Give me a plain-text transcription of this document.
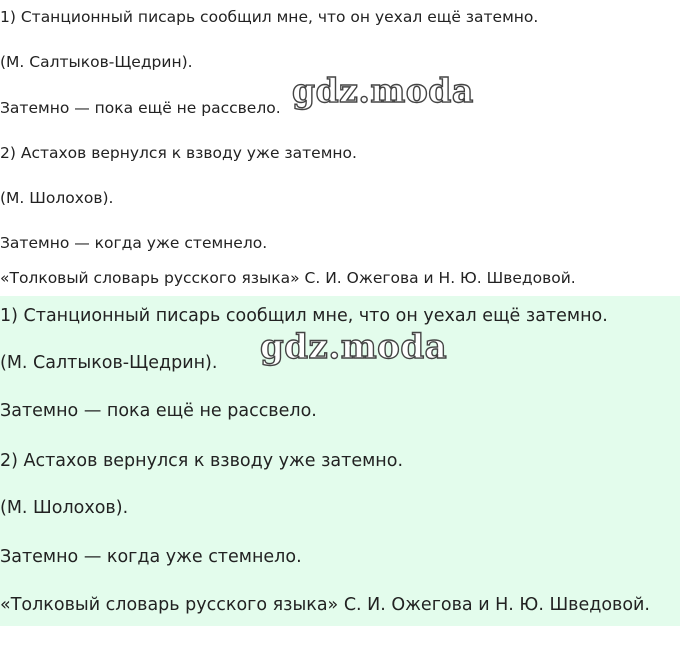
1) Станционный писарь сообщил мне, что он уехал ещё затемно.

(М. Салтыков-Щедрин).

Затемно — пока ещё не рассвело.

2) Астахов вернулся к взводу уже затемно.

(М. Шолохов).

Затемно — когда уже стемнело.

«Толковый словарь русского языка» С. И. Ожегова и Н. Ю. Шведовой.

gdz.moda

1) Станционный писарь сообщил мне, что он уехал ещё затемно.

(М. Салтыков-Щедрин).

Затемно — пока ещё не рассвело.

2) Астахов вернулся к взводу уже затемно.

(М. Шолохов).

Затемно — когда уже стемнело.

«Толковый словарь русского языка» С. И. Ожегова и Н. Ю. Шведовой.

gdz.moda
